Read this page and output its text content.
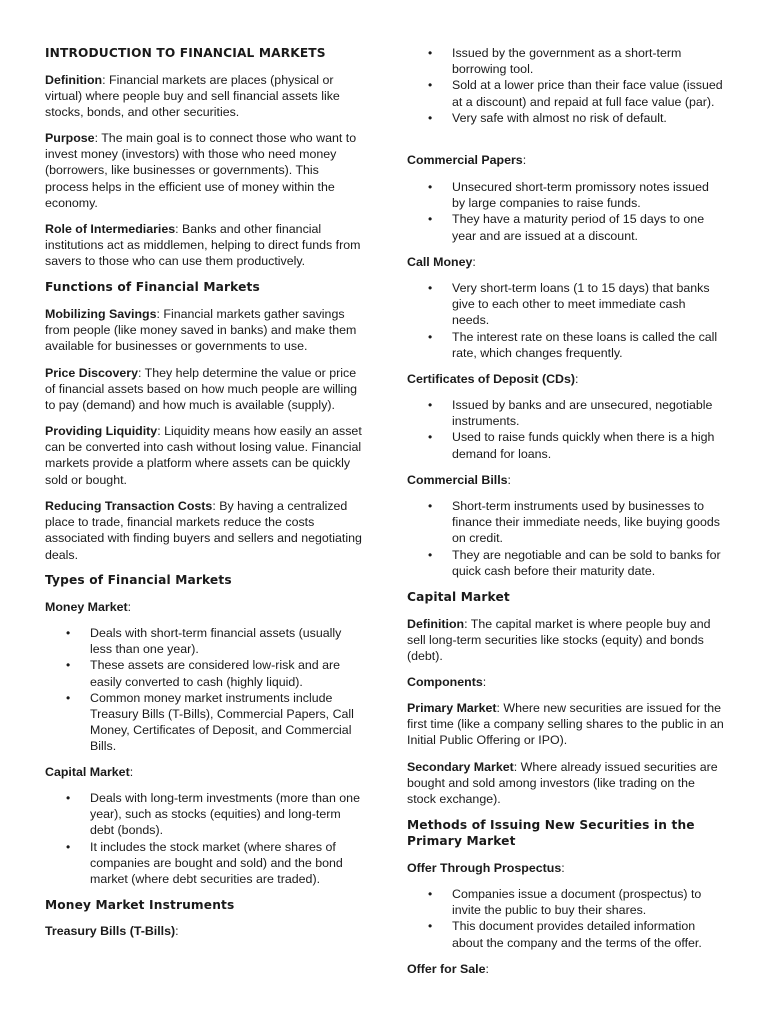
INTRODUCTION TO FINANCIAL MARKETS
Definition: Financial markets are places (physical or virtual) where people buy and sell financial assets like stocks, bonds, and other securities.
Purpose: The main goal is to connect those who want to invest money (investors) with those who need money (borrowers, like businesses or governments). This process helps in the efficient use of money within the economy.
Role of Intermediaries: Banks and other financial institutions act as middlemen, helping to direct funds from savers to those who can use them productively.
Functions of Financial Markets
Mobilizing Savings: Financial markets gather savings from people (like money saved in banks) and make them available for businesses or governments to use.
Price Discovery: They help determine the value or price of financial assets based on how much people are willing to pay (demand) and how much is available (supply).
Providing Liquidity: Liquidity means how easily an asset can be converted into cash without losing value. Financial markets provide a platform where assets can be quickly sold or bought.
Reducing Transaction Costs: By having a centralized place to trade, financial markets reduce the costs associated with finding buyers and sellers and negotiating deals.
Types of Financial Markets
Money Market:
• Deals with short-term financial assets (usually less than one year).
• These assets are considered low-risk and are easily converted to cash (highly liquid).
• Common money market instruments include Treasury Bills (T-Bills), Commercial Papers, Call Money, Certificates of Deposit, and Commercial Bills.
Capital Market:
• Deals with long-term investments (more than one year), such as stocks (equities) and long-term debt (bonds).
• It includes the stock market (where shares of companies are bought and sold) and the bond market (where debt securities are traded).
Money Market Instruments
Treasury Bills (T-Bills):
• Issued by the government as a short-term borrowing tool.
• Sold at a lower price than their face value (issued at a discount) and repaid at full face value (par).
• Very safe with almost no risk of default.
Commercial Papers:
• Unsecured short-term promissory notes issued by large companies to raise funds.
• They have a maturity period of 15 days to one year and are issued at a discount.
Call Money:
• Very short-term loans (1 to 15 days) that banks give to each other to meet immediate cash needs.
• The interest rate on these loans is called the call rate, which changes frequently.
Certificates of Deposit (CDs):
• Issued by banks and are unsecured, negotiable instruments.
• Used to raise funds quickly when there is a high demand for loans.
Commercial Bills:
• Short-term instruments used by businesses to finance their immediate needs, like buying goods on credit.
• They are negotiable and can be sold to banks for quick cash before their maturity date.
Capital Market
Definition: The capital market is where people buy and sell long-term securities like stocks (equity) and bonds (debt).
Components:
Primary Market: Where new securities are issued for the first time (like a company selling shares to the public in an Initial Public Offering or IPO).
Secondary Market: Where already issued securities are bought and sold among investors (like trading on the stock exchange).
Methods of Issuing New Securities in the Primary Market
Offer Through Prospectus:
• Companies issue a document (prospectus) to invite the public to buy their shares.
• This document provides detailed information about the company and the terms of the offer.
Offer for Sale:
